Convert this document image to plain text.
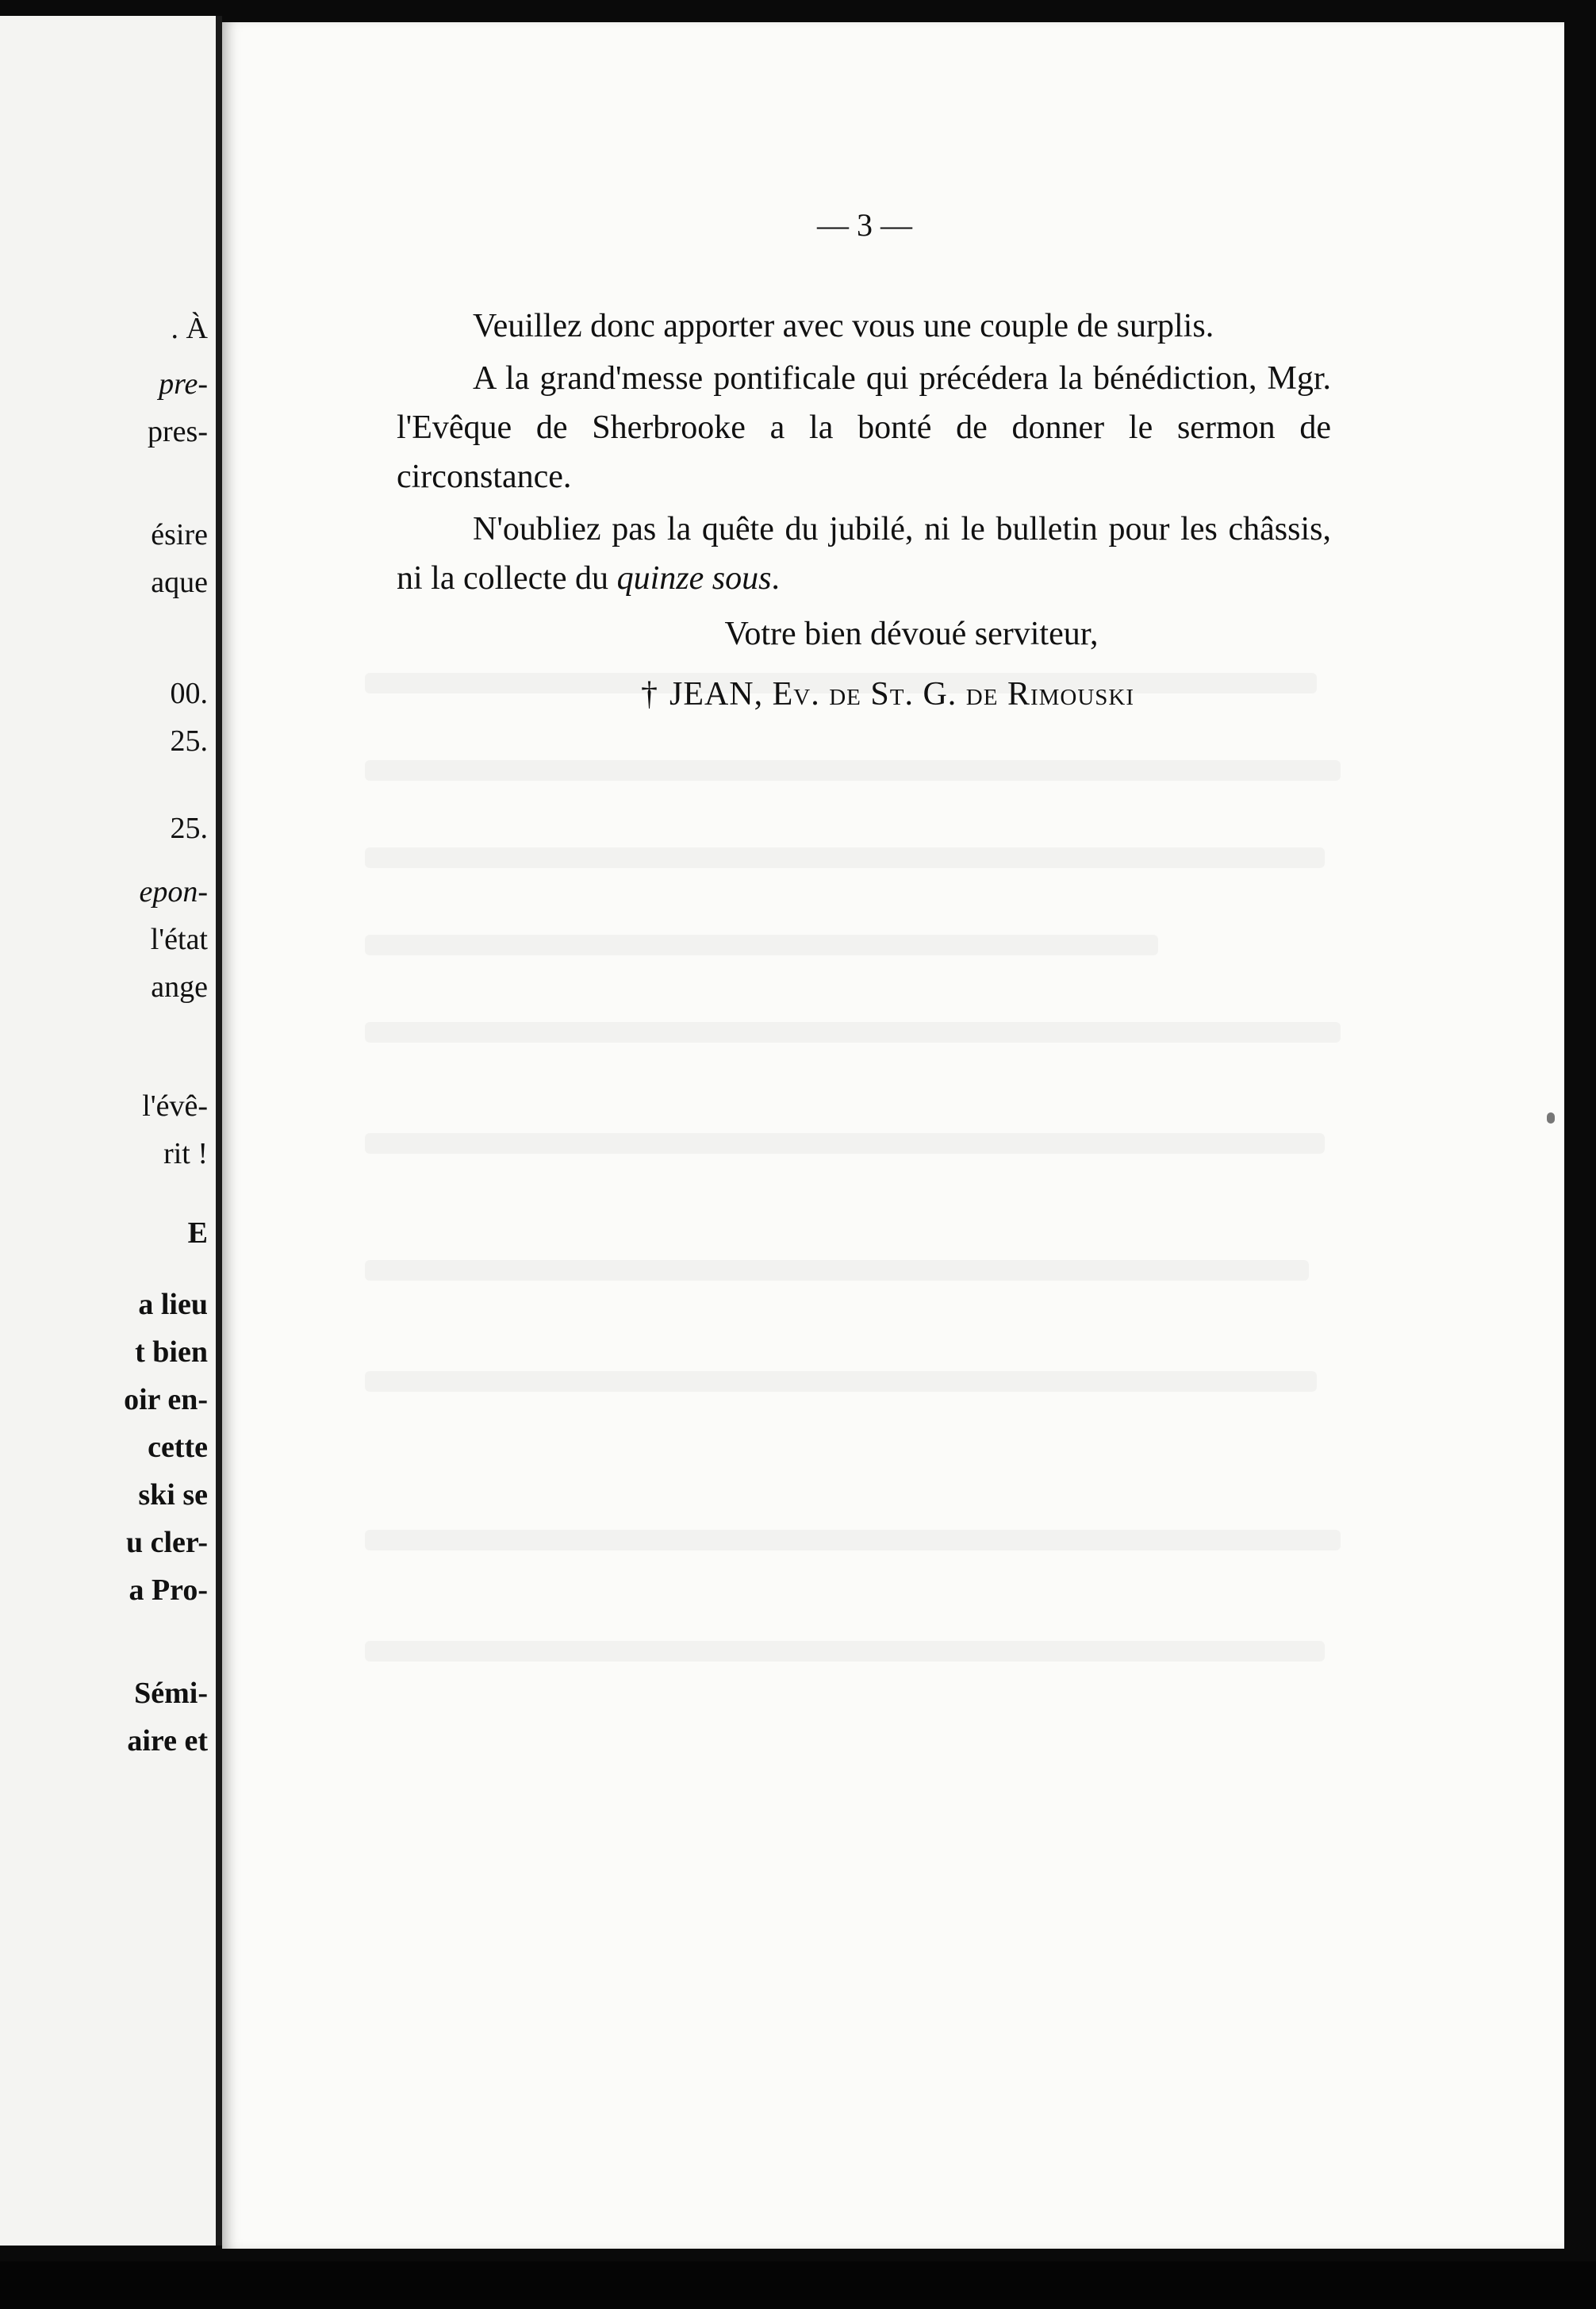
. À
pre-
pres-
ésire
aque
00.
25.
25.
epon-
l'état
ange
l'évê-
rit !
E
a lieu
t bien
oir en-
cette
ski se
u cler-
a Pro-
Sémi-
aire et
— 3 —

Veuillez donc apporter avec vous une couple de surplis.

A la grand'messe pontificale qui précédera la bénédiction, Mgr. l'Evêque de Sherbrooke a la bonté de donner le sermon de circonstance.

N'oubliez pas la quête du jubilé, ni le bulletin pour les châssis, ni la collecte du quinze sous.

Votre bien dévoué serviteur,

† JEAN, Ev. de St. G. de Rimouski
